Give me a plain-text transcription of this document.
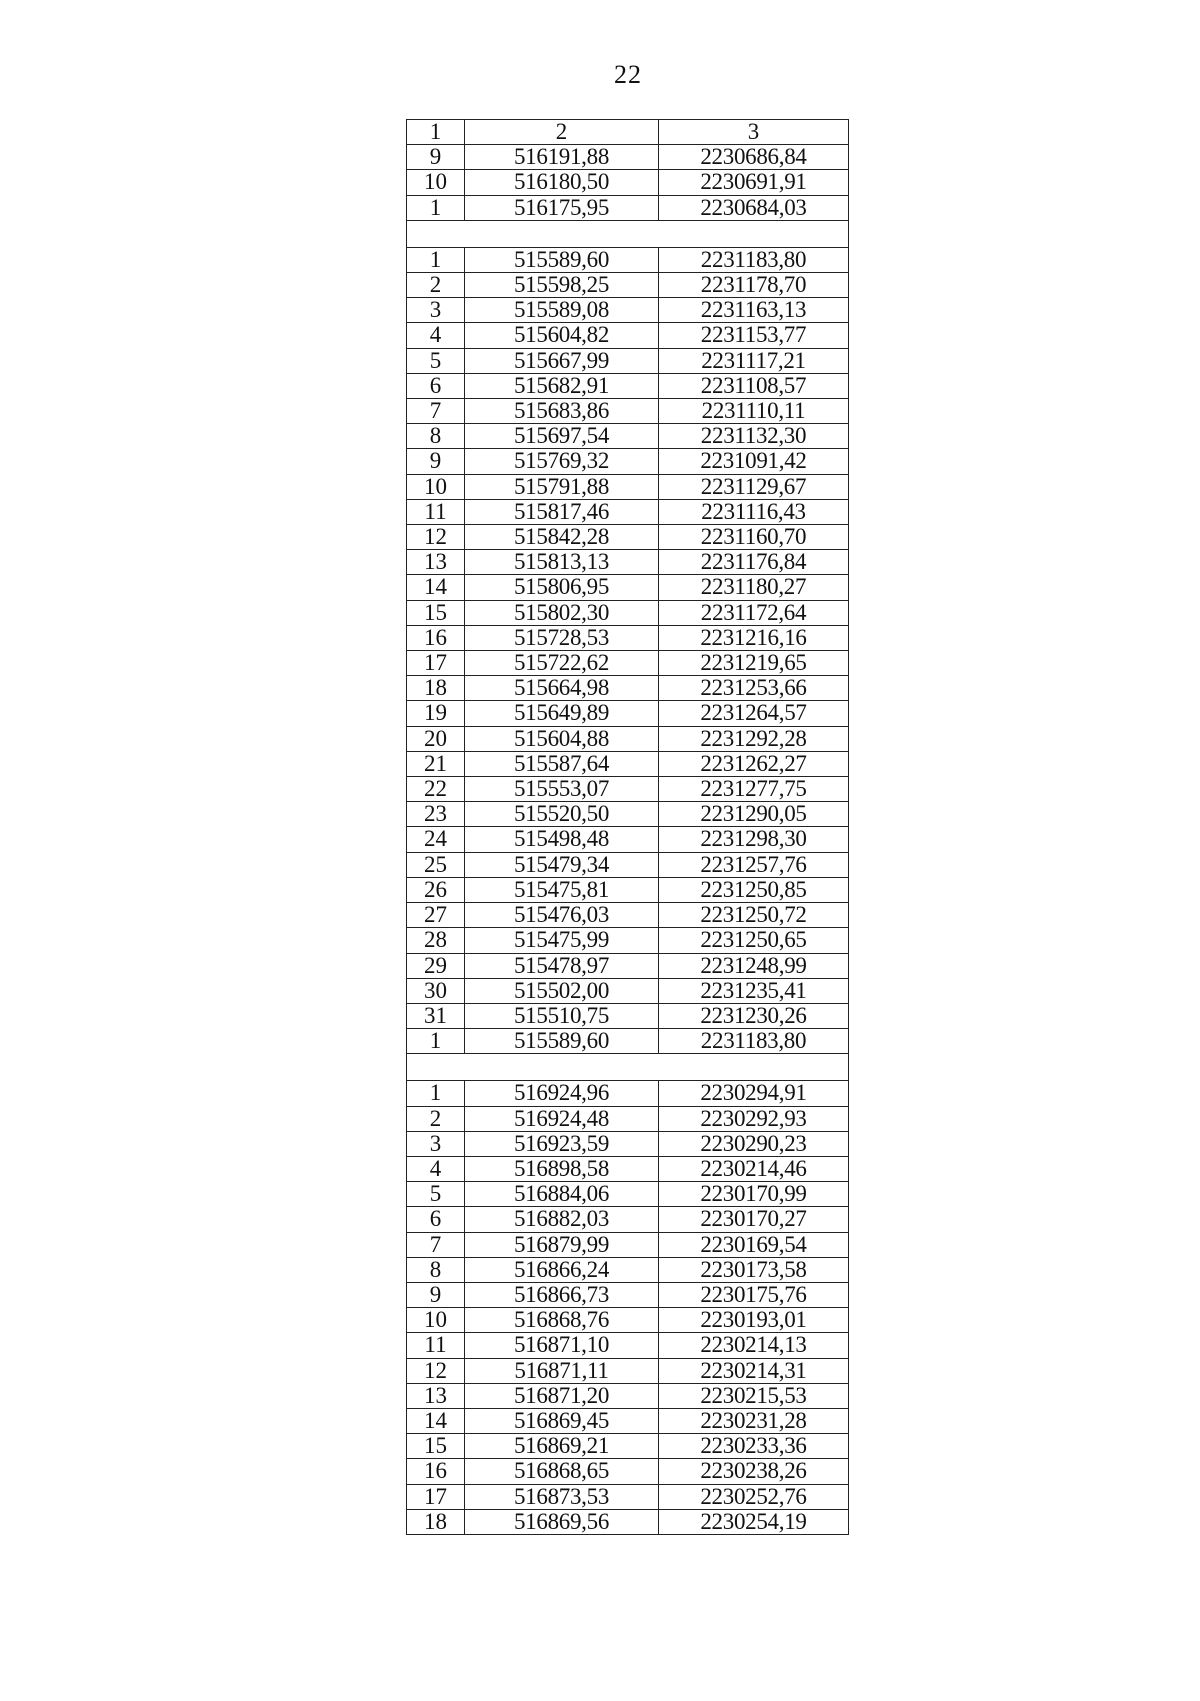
22
1	2	3
9	516191,88	2230686,84
10	516180,50	2230691,91
1	516175,95	2230684,03

1	515589,60	2231183,80
2	515598,25	2231178,70
3	515589,08	2231163,13
4	515604,82	2231153,77
5	515667,99	2231117,21
6	515682,91	2231108,57
7	515683,86	2231110,11
8	515697,54	2231132,30
9	515769,32	2231091,42
10	515791,88	2231129,67
11	515817,46	2231116,43
12	515842,28	2231160,70
13	515813,13	2231176,84
14	515806,95	2231180,27
15	515802,30	2231172,64
16	515728,53	2231216,16
17	515722,62	2231219,65
18	515664,98	2231253,66
19	515649,89	2231264,57
20	515604,88	2231292,28
21	515587,64	2231262,27
22	515553,07	2231277,75
23	515520,50	2231290,05
24	515498,48	2231298,30
25	515479,34	2231257,76
26	515475,81	2231250,85
27	515476,03	2231250,72
28	515475,99	2231250,65
29	515478,97	2231248,99
30	515502,00	2231235,41
31	515510,75	2231230,26
1	515589,60	2231183,80

1	516924,96	2230294,91
2	516924,48	2230292,93
3	516923,59	2230290,23
4	516898,58	2230214,46
5	516884,06	2230170,99
6	516882,03	2230170,27
7	516879,99	2230169,54
8	516866,24	2230173,58
9	516866,73	2230175,76
10	516868,76	2230193,01
11	516871,10	2230214,13
12	516871,11	2230214,31
13	516871,20	2230215,53
14	516869,45	2230231,28
15	516869,21	2230233,36
16	516868,65	2230238,26
17	516873,53	2230252,76
18	516869,56	2230254,19
